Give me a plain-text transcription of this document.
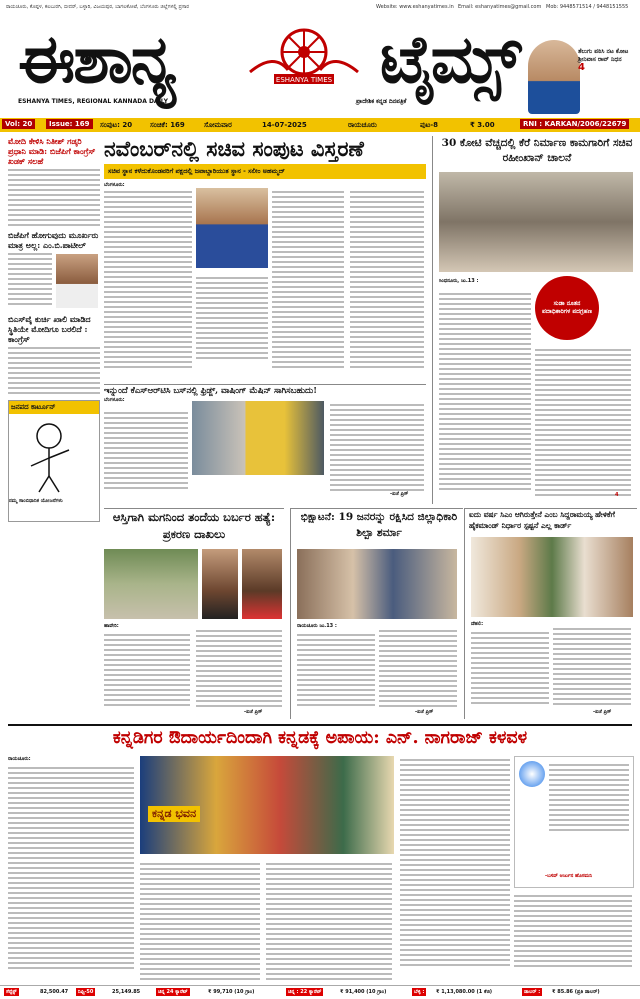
ರಾಯಚೂರು, ಕೊಪ್ಪಳ, ಕಲಬುರಗಿ, ಬೀದರ್, ಬಳ್ಳಾರಿ, ವಿಜಯಪುರ, ಬಾಗಲಕೋಟೆ, ಬೆಂಗಳೂರು ಜಿಲ್ಲೆಗಳಲ್ಲಿ ಪ್ರಸಾರ	Website: www.eshanyatimes.in Email: eshanyatimes@gmail.com Mob: 9448571514 / 9448151555
ಈಶಾನ್ಯ	ಟೈಮ್ಸ್
ESHANYA TIMES
ESHANYA TIMES, REGIONAL KANNADA DAILY	ಪ್ರಾದೇಶಿಕ ಕನ್ನಡ ದಿನಪತ್ರಿಕೆ
ತೆಲುಗು ಪಠಿಸಿ ನಟ ಕೋಟ ಶ್ರೀನಿವಾಸ ರಾವ್ ನಿಧನ
4
Vol: 20	Issue: 169	ಸಂಪುಟ: 20	ಸಂಚಿಕೆ: 169	ಸೋಮವಾರ	14-07-2025	ರಾಯಚೂರು	ಪುಟ-8	₹ 3.00	RNI : KARKAN/2006/22679
ಮೋದಿ ಕೇಳಿಸಿ ನಿತೀಶ್ ಗಡ್ಕರಿ ಪ್ರಧಾನಿ ಮಾಡಿ: ಬಿಜೆಪಿಗೆ ಕಾಂಗ್ರೆಸ್ ಖಡಕ್ ಸಲಹೆ
ಬಿಜೆಪಿಗೆ ಹೋಗುವುದು ಮೂರ್ಖರು ಮಾತ್ರ ಅಲ್ಲ: ಎಂ.ಬಿ.ಪಾಟೀಲ್
ಬಿಎಸ್‌ವೈ ಕುರ್ಚಿ ಖಾಲಿ ಮಾಡಿದ ಸ್ಥಿತಿಯೇ ಮೋದಿಗೂ ಬರಲಿದೆ : ಕಾಂಗ್ರೆಸ್
ಜನಪದ ಕಾರ್ಟೂನ್
ನಮ್ಮ ಸಾಂಬಿಧಾನಿಕ ಯೋಜನೆಗಳು
ನವೆಂಬರ್‌ನಲ್ಲಿ ಸಚಿವ ಸಂಪುಟ ವಿಸ್ತರಣೆ
ಸಚಿವ ಸ್ಥಾನ ಕಳೆದುಕೊಂಡವರಿಗೆ ಪಕ್ಷದಲ್ಲಿ ಜವಾಬ್ದಾರಿಯುತ ಸ್ಥಾನ - ಸಲೀಂ ಅಹಮ್ಮದ್
ಬೆಂಗಳೂರು:
ಇನ್ನುಂದೆ ಕೆಎಸ್‌ಆರ್‌ಟಿಸಿ ಬಸ್‌ನಲ್ಲಿ ಫ್ರಿಡ್ಜ್, ವಾಷಿಂಗ್ ಮೆಷಿನ್ ಸಾಗಿಸಬಹುದು!
ಬೆಂಗಳೂರು:
-ಏಜೆ ಪ್ರಿಸ್
30 ಕೋಟಿ ವೆಚ್ಚದಲ್ಲಿ ಕೆರೆ ನಿರ್ಮಾಣ ಕಾಮಗಾರಿಗೆ ಸಚಿವ ರಹೀಂಖಾನ್ ಚಾಲನೆ
ಸುಡಾ ನೂತನ ಪದಾಧಿಕಾರಿಗಳ ಪದಗ್ರಹಣ
ಸಿಂಧನೂರು, ಜು.13 :
4
ಆಸ್ತಿಗಾಗಿ ಮಗನಿಂದ ತಂದೆಯ ಬರ್ಬರ ಹತ್ಯೆ: ಪ್ರಕರಣ ದಾಖಲು
ಹಾವೇರಿ:
-ಏಜೆ ಪ್ರಿಸ್
ಭಿಕ್ಷಾಟನೆ: 19 ಜನರನ್ನು ರಕ್ಷಿಸಿದ ಜಿಲ್ಲಾಧಿಕಾರಿ ಶಿಲ್ಪಾ ಶರ್ಮಾ
ರಾಯಚೂರು ಜು.13 :
-ಏಜೆ ಪ್ರಿಸ್
ಐದು ವರ್ಷ ಸಿಎಂ ಆಗಿರುತ್ತೇನೆ ಎಂಬ ಸಿದ್ದರಾಮಯ್ಯ ಹೇಳಿಕೆಗೆ ಹೈಕಮಾಂಡ್ ನಿರ್ಧಾರ ಸ್ಪಷ್ಟನೆ ಎಲ್ಲ ಕಾರ್ಡ್
ದೆಹಲಿ:
-ಏಜೆ ಪ್ರಿಸ್
ಕನ್ನಡಿಗರ ಔದಾರ್ಯದಿಂದಾಗಿ ಕನ್ನಡಕ್ಕೆ ಅಪಾಯ: ಎನ್. ನಾಗರಾಜ್ ಕಳವಳ
ರಾಯಚೂರು:
ಕನ್ನಡ ಭವನ
-ಬಸವ್ ಅರ್ಜುನ ಹೊಸಮನಿ
ಸೆನ್ಸೆಕ್ಸ್	82,500.47	ನಿಫ್ಟಿ-50	25,149.85	ಚಿನ್ನ 24 ಕ್ಯಾರೆಟ್	₹ 99,710 (10 ಗ್ರಾಂ)	ಚಿನ್ನ : 22 ಕ್ಯಾರೆಟ್	₹ 91,400 (10 ಗ್ರಾಂ)	ಬೆಳ್ಳಿ :	₹ 1,13,080.00 (1 ಕೆಜಿ)	ಡಾಲರ್ :	₹ 85.86 (ಪ್ರತಿ ಡಾಲರ್)
